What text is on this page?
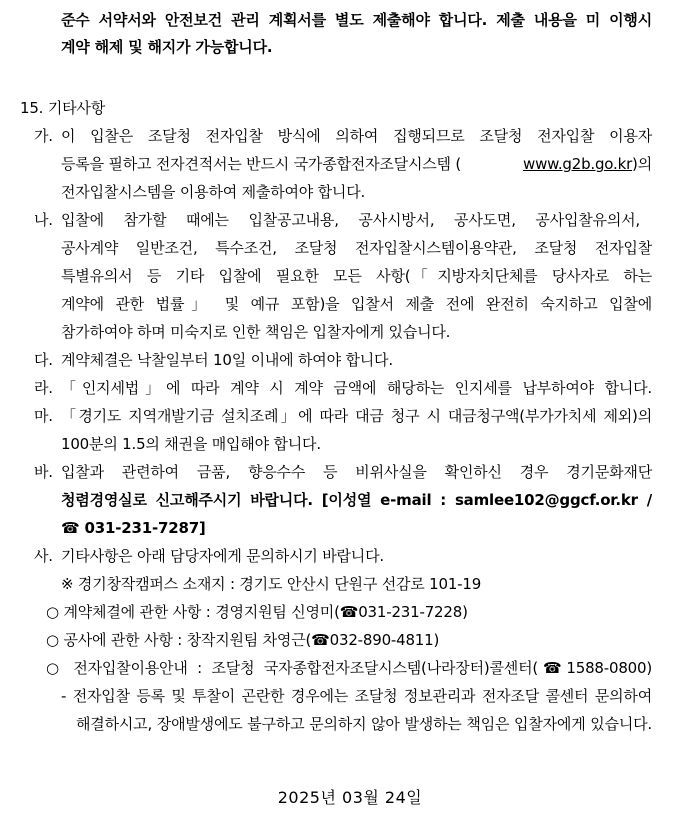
준수 서약서와 안전보건 관리 계획서를 별도 제출해야 합니다. 제출 내용을 미 이행시
계약 해제 및 해지가 가능합니다.
15. 기타사항
가. 이 입찰은 조달청 전자입찰 방식에 의하여 집행되므로 조달청 전자입찰 이용자
등록을 필하고 전자견적서는 반드시 국가종합전자조달시스템 (	www.g2b.go.kr )의
전자입찰시스템을 이용하여 제출하여야 합니다.
나. 입찰에 참가할 때에는 입찰공고내용, 공사시방서, 공사도면, 공사입찰유의서,
공사계약 일반조건, 특수조건, 조달청 전자입찰시스템이용약관, 조달청 전자입찰
특별유의서 등 기타 입찰에 필요한 모든 사항(「지방자치단체를 당사자로 하는
계약에 관한 법률」 및 예규 포함)을 입찰서 제출 전에 완전히 숙지하고 입찰에
참가하여야 하며 미숙지로 인한 책임은 입찰자에게 있습니다.
다. 계약체결은 낙찰일부터 10일 이내에 하여야 합니다.
라. 「인지세법」에 따라 계약 시 계약 금액에 해당하는 인지세를 납부하여야 합니다.
마. 「경기도 지역개발기금 설치조례」에 따라 대금 청구 시 대금청구액(부가가치세 제외)의
100분의 1.5의 채권을 매입해야 합니다.
바. 입찰과 관련하여 금품, 향응수수 등 비위사실을 확인하신 경우 경기문화재단
청렴경영실로 신고해주시기 바랍니다. [이성열 e-mail : samlee102@ggcf.or.kr /
☎ 031-231-7287]
사. 기타사항은 아래 담당자에게 문의하시기 바랍니다.
※ 경기창작캠퍼스 소재지 : 경기도 안산시 단원구 선감로 101-19
○ 계약체결에 관한 사항 : 경영지원팀 신영미(☎031-231-7228)
○ 공사에 관한 사항 : 창작지원팀 차영근(☎032-890-4811)
○ 전자입찰이용안내 : 조달청 국자종합전자조달시스템(나라장터)콜센터(☎1588-0800)
- 전자입찰 등록 및 투찰이 곤란한 경우에는 조달청 정보관리과 전자조달 콜센터 문의하여
해결하시고, 장애발생에도 불구하고 문의하지 않아 발생하는 책임은 입찰자에게 있습니다.
2025년 03월 24일
